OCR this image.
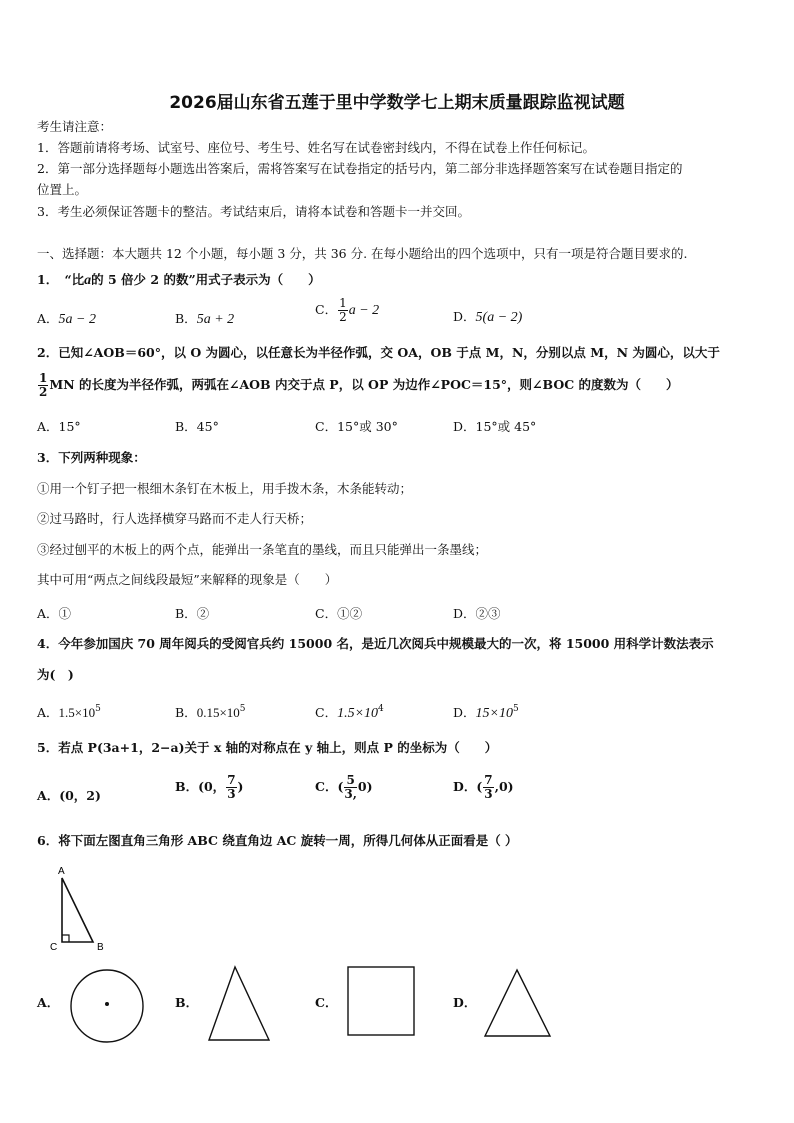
2026届山东省五莲于里中学数学七上期末质量跟踪监视试题
考生请注意：
1．答题前请将考场、试室号、座位号、考生号、姓名写在试卷密封线内，不得在试卷上作任何标记。
2．第一部分选择题每小题选出答案后，需将答案写在试卷指定的括号内，第二部分非选择题答案写在试卷题目指定的
位置上。
3．考生必须保证答题卡的整洁。考试结束后，请将本试卷和答题卡一并交回。
一、选择题：本大题共 12 个小题，每小题 3 分，共 36 分. 在每小题给出的四个选项中，只有一项是符合题目要求的.
1．　“比a的 5 倍少 2 的数”用式子表示为（　　）
A．5a − 2	B．5a + 2
C． $\frac{1}{2}$ a − 2	D．5(a − 2)
2．已知∠AOB＝60°，以 O 为圆心，以任意长为半径作弧，交 OA，OB 于点 M，N，分别以点 M，N 为圆心，以大于
$\frac{1}{2}$ MN 的长度为半径作弧，两弧在∠AOB 内交于点 P，以 OP 为边作∠POC＝15°，则∠BOC 的度数为（　　）
A．15°	B．45°	C．15°或 30°	D．15°或 45°
3．下列两种现象：
①用一个钉子把一根细木条钉在木板上，用手拨木条，木条能转动；
②过马路时，行人选择横穿马路而不走人行天桥；
③经过刨平的木板上的两个点，能弹出一条笔直的墨线，而且只能弹出一条墨线；
其中可用“两点之间线段最短”来解释的现象是（　　）
A．①	B．②	C．①②	D．②③
4．今年参加国庆 70 周年阅兵的受阅官兵约 15000 名，是近几次阅兵中规模最大的一次，将 15000 用科学计数法表示
为(　)
A．$1.5\times 10^5$	B．$0.15\times 10^5$	C．$1.5\times 10^4$	D．$15\times 10^5$
5．若点 P(3a+1，2−a)关于 x 轴的对称点在 y 轴上，则点 P 的坐标为（　　）
A．(0，2)
B．(0， $\frac{7}{3}$ )	C．( $\frac{5}{3,} 0$)	D．( $\frac{7}{3} ,0$)
6．将下面左图直角三角形 ABC 绕直角边 AC 旋转一周，所得几何体从正面看是（ ）
A
C	B
A．	B．	C．	D．
